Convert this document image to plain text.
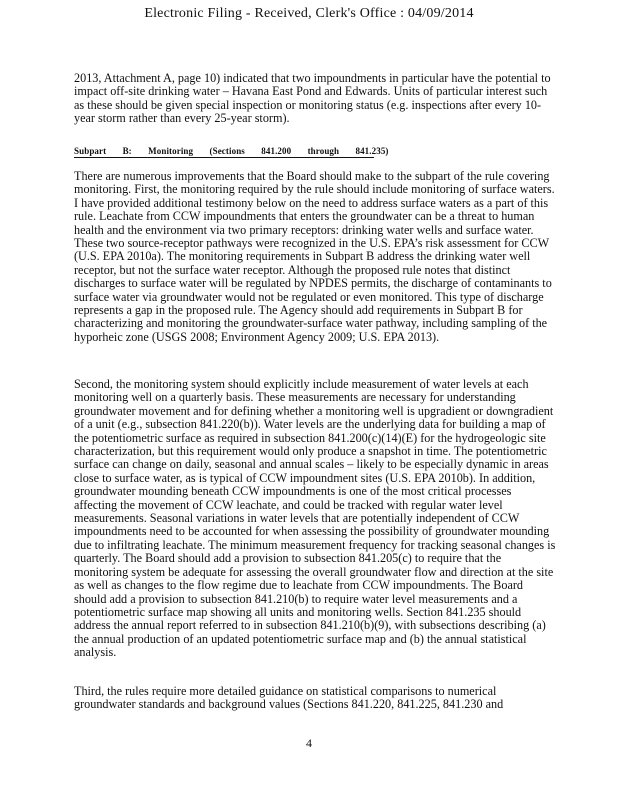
Electronic Filing - Received, Clerk's Office : 04/09/2014
2013, Attachment A, page 10) indicated that two impoundments in particular have the potential to impact off-site drinking water – Havana East Pond and Edwards. Units of particular interest such as these should be given special inspection or monitoring status (e.g. inspections after every 10-year storm rather than every 25-year storm).
Subpart B: Monitoring (Sections 841.200 through 841.235)
There are numerous improvements that the Board should make to the subpart of the rule covering monitoring. First, the monitoring required by the rule should include monitoring of surface waters. I have provided additional testimony below on the need to address surface waters as a part of this rule. Leachate from CCW impoundments that enters the groundwater can be a threat to human health and the environment via two primary receptors: drinking water wells and surface water. These two source-receptor pathways were recognized in the U.S. EPA’s risk assessment for CCW (U.S. EPA 2010a). The monitoring requirements in Subpart B address the drinking water well receptor, but not the surface water receptor. Although the proposed rule notes that distinct discharges to surface water will be regulated by NPDES permits, the discharge of contaminants to surface water via groundwater would not be regulated or even monitored. This type of discharge represents a gap in the proposed rule. The Agency should add requirements in Subpart B for characterizing and monitoring the groundwater-surface water pathway, including sampling of the hyporheic zone (USGS 2008; Environment Agency 2009; U.S. EPA 2013).
Second, the monitoring system should explicitly include measurement of water levels at each monitoring well on a quarterly basis. These measurements are necessary for understanding groundwater movement and for defining whether a monitoring well is upgradient or downgradient of a unit (e.g., subsection 841.220(b)). Water levels are the underlying data for building a map of the potentiometric surface as required in subsection 841.200(c)(14)(E) for the hydrogeologic site characterization, but this requirement would only produce a snapshot in time. The potentiometric surface can change on daily, seasonal and annual scales – likely to be especially dynamic in areas close to surface water, as is typical of CCW impoundment sites (U.S. EPA 2010b). In addition, groundwater mounding beneath CCW impoundments is one of the most critical processes affecting the movement of CCW leachate, and could be tracked with regular water level measurements. Seasonal variations in water levels that are potentially independent of CCW impoundments need to be accounted for when assessing the possibility of groundwater mounding due to infiltrating leachate. The minimum measurement frequency for tracking seasonal changes is quarterly. The Board should add a provision to subsection 841.205(c) to require that the monitoring system be adequate for assessing the overall groundwater flow and direction at the site as well as changes to the flow regime due to leachate from CCW impoundments. The Board should add a provision to subsection 841.210(b) to require water level measurements and a potentiometric surface map showing all units and monitoring wells. Section 841.235 should address the annual report referred to in subsection 841.210(b)(9), with subsections describing (a) the annual production of an updated potentiometric surface map and (b) the annual statistical analysis.
Third, the rules require more detailed guidance on statistical comparisons to numerical groundwater standards and background values (Sections 841.220, 841.225, 841.230 and
4
